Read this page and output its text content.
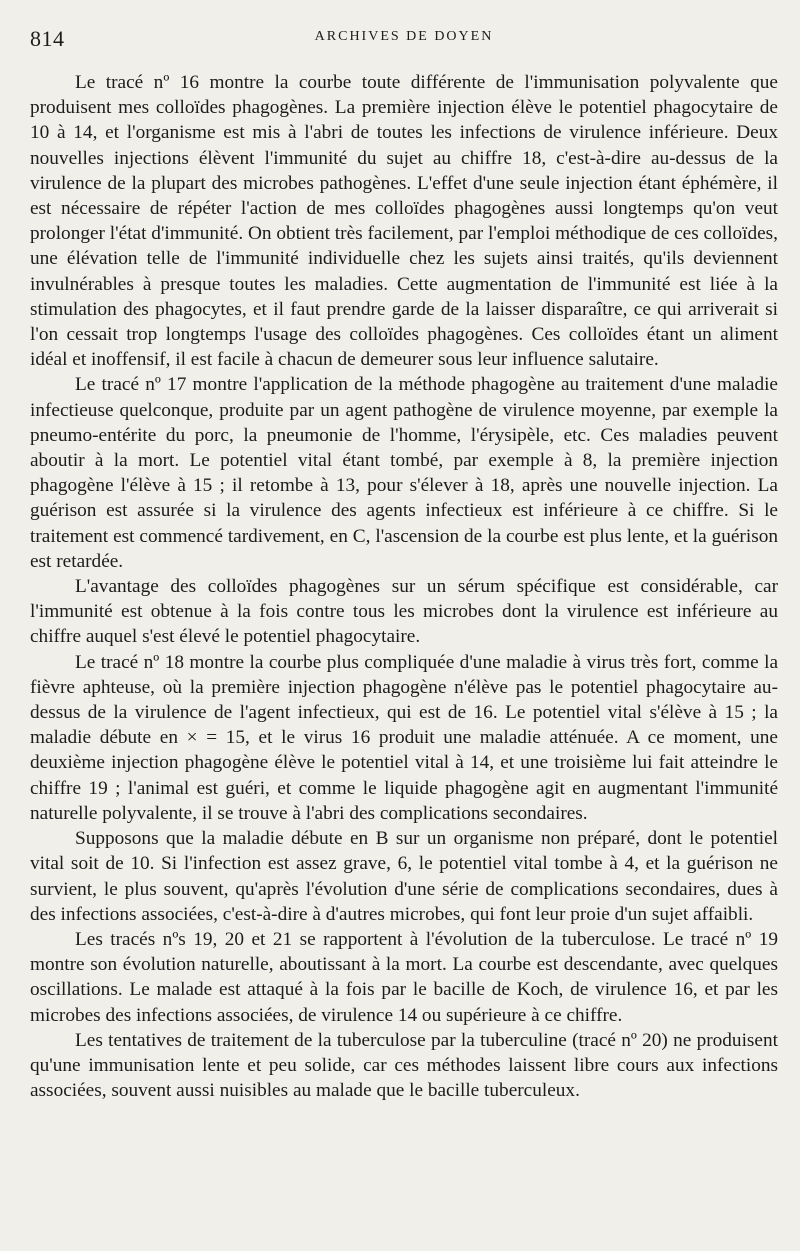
814	ARCHIVES DE DOYEN

Le tracé nº 16 montre la courbe toute différente de l'immunisation polyvalente que produisent mes colloïdes phagogènes. La première injection élève le potentiel phagocytaire de 10 à 14, et l'organisme est mis à l'abri de toutes les infections de virulence inférieure. Deux nouvelles injections élèvent l'immunité du sujet au chiffre 18, c'est-à-dire au-dessus de la virulence de la plupart des microbes pathogènes. L'effet d'une seule injection étant éphémère, il est nécessaire de répéter l'action de mes colloïdes phagogènes aussi longtemps qu'on veut prolonger l'état d'immunité. On obtient très facilement, par l'emploi méthodique de ces colloïdes, une élévation telle de l'immunité individuelle chez les sujets ainsi traités, qu'ils deviennent invulnérables à presque toutes les maladies. Cette augmentation de l'immunité est liée à la stimulation des phagocytes, et il faut prendre garde de la laisser disparaître, ce qui arriverait si l'on cessait trop longtemps l'usage des colloïdes phagogènes. Ces colloïdes étant un aliment idéal et inoffensif, il est facile à chacun de demeurer sous leur influence salutaire.

Le tracé nº 17 montre l'application de la méthode phagogène au traitement d'une maladie infectieuse quelconque, produite par un agent pathogène de virulence moyenne, par exemple la pneumo-entérite du porc, la pneumonie de l'homme, l'érysipèle, etc. Ces maladies peuvent aboutir à la mort. Le potentiel vital étant tombé, par exemple à 8, la première injection phagogène l'élève à 15 ; il retombe à 13, pour s'élever à 18, après une nouvelle injection. La guérison est assurée si la virulence des agents infectieux est inférieure à ce chiffre. Si le traitement est commencé tardivement, en C, l'ascension de la courbe est plus lente, et la guérison est retardée.

L'avantage des colloïdes phagogènes sur un sérum spécifique est considérable, car l'immunité est obtenue à la fois contre tous les microbes dont la virulence est inférieure au chiffre auquel s'est élevé le potentiel phagocytaire.

Le tracé nº 18 montre la courbe plus compliquée d'une maladie à virus très fort, comme la fièvre aphteuse, où la première injection phagogène n'élève pas le potentiel phagocytaire au-dessus de la virulence de l'agent infectieux, qui est de 16. Le potentiel vital s'élève à 15 ; la maladie débute en × = 15, et le virus 16 produit une maladie atténuée. A ce moment, une deuxième injection phagogène élève le potentiel vital à 14, et une troisième lui fait atteindre le chiffre 19 ; l'animal est guéri, et comme le liquide phagogène agit en augmentant l'immunité naturelle polyvalente, il se trouve à l'abri des complications secondaires.

Supposons que la maladie débute en B sur un organisme non préparé, dont le potentiel vital soit de 10. Si l'infection est assez grave, 6, le potentiel vital tombe à 4, et la guérison ne survient, le plus souvent, qu'après l'évolution d'une série de complications secondaires, dues à des infections associées, c'est-à-dire à d'autres microbes, qui font leur proie d'un sujet affaibli.

Les tracés nºs 19, 20 et 21 se rapportent à l'évolution de la tuberculose. Le tracé nº 19 montre son évolution naturelle, aboutissant à la mort. La courbe est descendante, avec quelques oscillations. Le malade est attaqué à la fois par le bacille de Koch, de virulence 16, et par les microbes des infections associées, de virulence 14 ou supérieure à ce chiffre.

Les tentatives de traitement de la tuberculose par la tuberculine (tracé nº 20) ne produisent qu'une immunisation lente et peu solide, car ces méthodes laissent libre cours aux infections associées, souvent aussi nuisibles au malade que le bacille tuberculeux.
